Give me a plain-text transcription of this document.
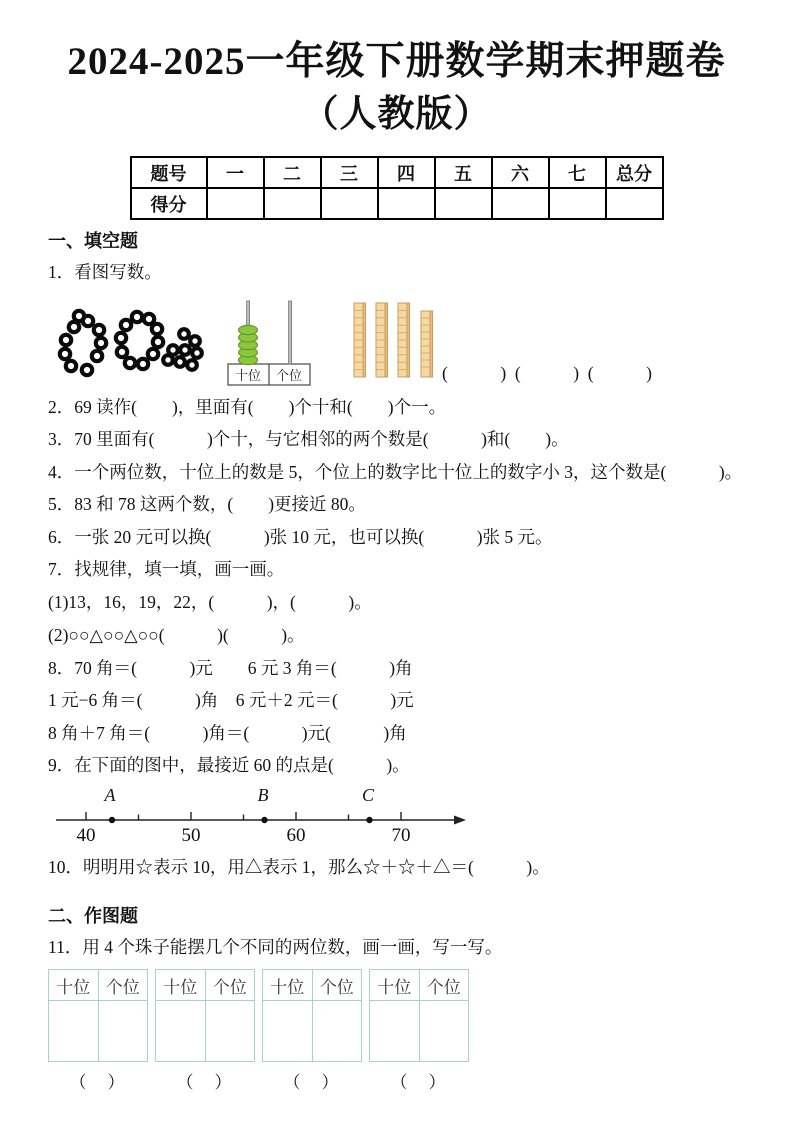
2024-2025一年级下册数学期末押题卷
（人教版）
题号	一	二	三	四	五	六	七	总分
得分								
一、填空题
1．看图写数。
十位 个位	(　　　)  (　　　)  (　　　)
2．69 读作(　　)，里面有(　　)个十和(　　)个一。
3．70 里面有(　　　)个十，与它相邻的两个数是(　　　)和(　　)。
4．一个两位数，十位上的数是 5，个位上的数字比十位上的数字小 3，这个数是(　　　)。
5．83 和 78 这两个数，(　　)更接近 80。
6．一张 20 元可以换(　　　)张 10 元，也可以换(　　　)张 5 元。
7．找规律，填一填，画一画。
(1)13，16，19，22，(　　　)，(　　　)。
(2)○○△○○△○○(　　　)(　　　)。
8．70 角＝(　　　)元　　6 元 3 角＝(　　　)角
1 元−6 角＝(　　　)角　6 元＋2 元＝(　　　)元
8 角＋7 角＝(　　　)角＝(　　　)元(　　　)角
9．在下面的图中，最接近 60 的点是(　　　)。
A	B	C
40	50	60	70
10．明明用☆表示 10，用△表示 1，那么☆＋☆＋△＝(　　　)。
二、作图题
11．用 4 个珠子能摆几个不同的两位数，画一画，写一写。
十位	个位

（　）
十位	个位

（　）
十位	个位

（　）
十位	个位

（　）
